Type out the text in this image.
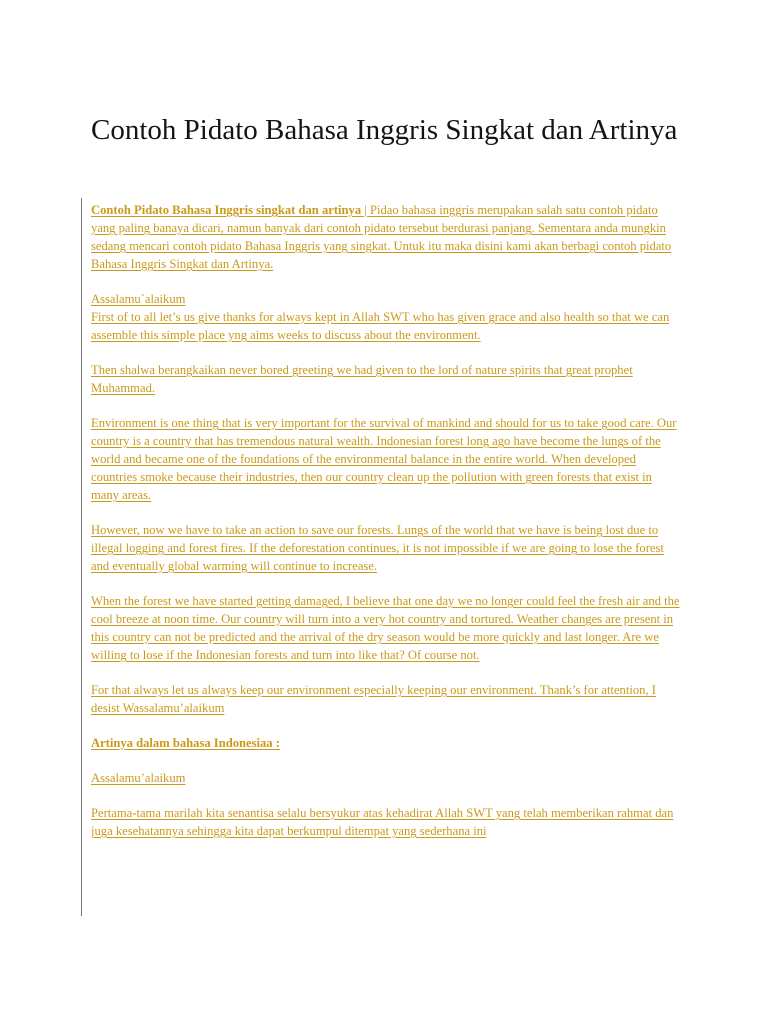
Contoh Pidato Bahasa Inggris Singkat dan Artinya

Contoh Pidato Bahasa Inggris singkat dan artinya | Pidao bahasa inggris merupakan salah satu contoh pidato yang paling banaya dicari, namun banyak dari contoh pidato tersebut berdurasi panjang. Sementara anda mungkin sedang mencari contoh pidato Bahasa Inggris yang singkat. Untuk itu maka disini kami akan berbagi contoh pidato Bahasa Inggris Singkat dan Artinya.

Assalamu`alaikum

First of to all let’s us give thanks for always kept in Allah SWT who has given grace and also health so that we can assemble this simple place yng aims weeks to discuss about the environment.

Then shalwa berangkaikan never bored greeting we had given to the lord of nature spirits that great prophet Muhammad.

Environment is one thing that is very important for the survival of mankind and should for us to take good care. Our country is a country that has tremendous natural wealth. Indonesian forest long ago have become the lungs of the world and became one of the foundations of the environmental balance in the entire world. When developed countries smoke because their industries, then our country clean up the pollution with green forests that exist in many areas.

However, now we have to take an action to save our forests. Lungs of the world that we have is being lost due to illegal logging and forest fires. If the deforestation continues, it is not impossible if we are going to lose the forest and eventually global warming will continue to increase.

When the forest we have started getting damaged, I believe that one day we no longer could feel the fresh air and the cool breeze at noon time. Our country will turn into a very hot country and tortured. Weather changes are present in this country can not be predicted and the arrival of the dry season would be more quickly and last longer. Are we willing to lose if the Indonesian forests and turn into like that? Of course not.

For that always let us always keep our environment especially keeping our environment. Thank’s for attention, I desist Wassalamu’alaikum

Artinya dalam bahasa Indonesiaa :

Assalamu’alaikum

Pertama-tama marilah kita senantisa selalu bersyukur atas kehadirat Allah SWT yang telah memberikan rahmat dan juga kesehatannya sehingga kita dapat berkumpul ditempat yang sederhana ini
